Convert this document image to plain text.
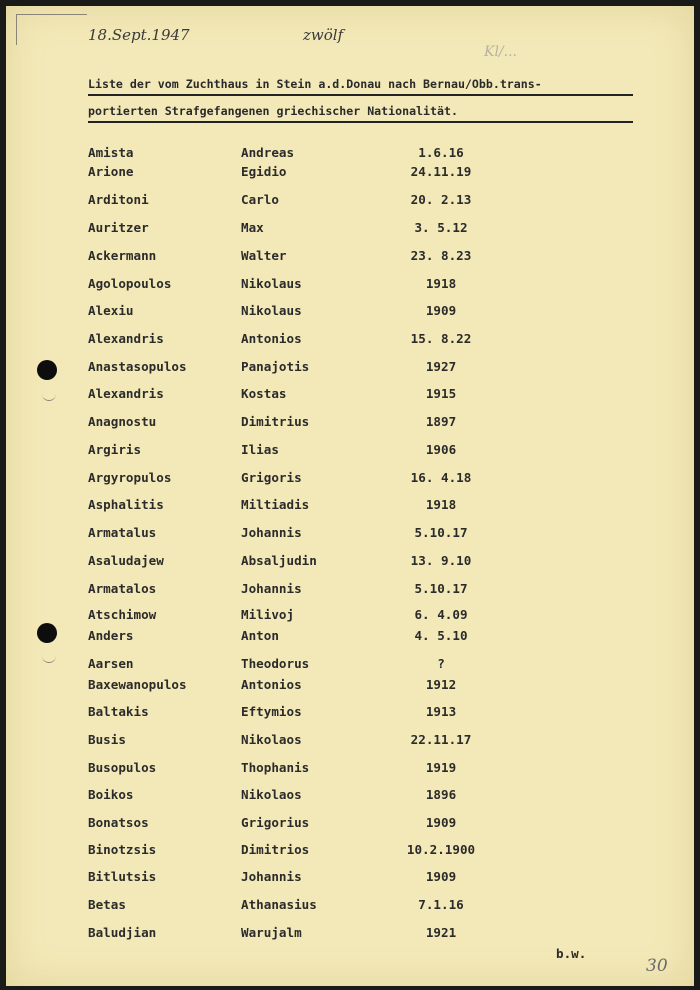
18.Sept.1947	zwölf
Kl/...
Liste der vom Zuchthaus in Stein a.d.Donau nach Bernau/Obb.trans-
portierten Strafgefangenen griechischer Nationalität.
Amista	Andreas	1.6.16
Arione	Egidio	24.11.19
Arditoni	Carlo	20. 2.13
Auritzer	Max	3. 5.12
Ackermann	Walter	23. 8.23
Agolopoulos	Nikolaus	1918
Alexiu	Nikolaus	1909
Alexandris	Antonios	15. 8.22
Anastasopulos	Panajotis	1927
Alexandris	Kostas	1915
Anagnostu	Dimitrius	1897
Argiris	Ilias	1906
Argyropulos	Grigoris	16. 4.18
Asphalitis	Miltiadis	1918
Armatalus	Johannis	5.10.17
Asaludajew	Absaljudin	13. 9.10
Armatalos	Johannis	5.10.17
Atschimow	Milivoj	6. 4.09
Anders	Anton	4. 5.10
Aarsen	Theodorus	?
Baxewanopulos	Antonios	1912
Baltakis	Eftymios	1913
Busis	Nikolaos	22.11.17
Busopulos	Thophanis	1919
Boikos	Nikolaos	1896
Bonatsos	Grigorius	1909
Binotzsis	Dimitrios	10.2.1900
Bitlutsis	Johannis	1909
Betas	Athanasius	7.1.16
Baludjian	Warujalm	1921
b.w.
30
